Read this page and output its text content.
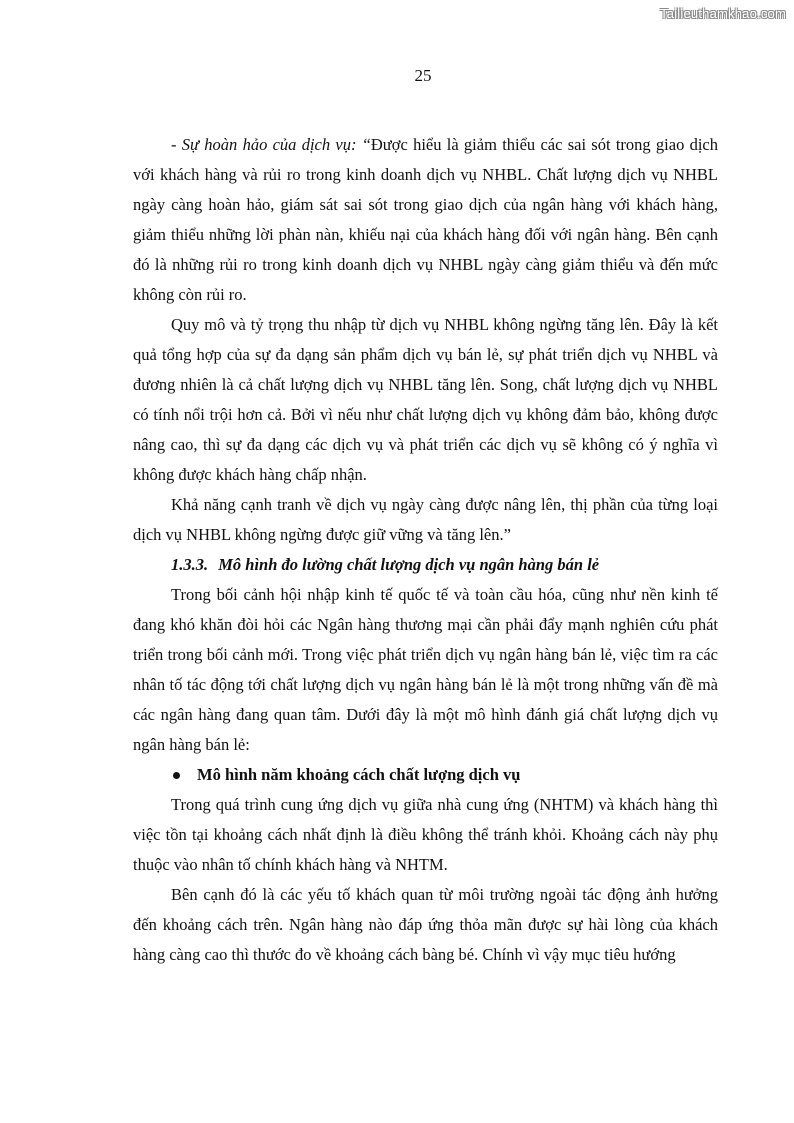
Tailieuthamkhao.com
25

- Sự hoàn hảo của dịch vụ: “Được hiểu là giảm thiểu các sai sót trong giao dịch với khách hàng và rủi ro trong kinh doanh dịch vụ NHBL. Chất lượng dịch vụ NHBL ngày càng hoàn hảo, giám sát sai sót trong giao dịch của ngân hàng với khách hàng, giảm thiểu những lời phàn nàn, khiếu nại của khách hàng đối với ngân hàng. Bên cạnh đó là những rủi ro trong kinh doanh dịch vụ NHBL ngày càng giảm thiểu và đến mức không còn rủi ro.

Quy mô và tỷ trọng thu nhập từ dịch vụ NHBL không ngừng tăng lên. Đây là kết quả tổng hợp của sự đa dạng sản phẩm dịch vụ bán lẻ, sự phát triển dịch vụ NHBL và đương nhiên là cả chất lượng dịch vụ NHBL tăng lên. Song, chất lượng dịch vụ NHBL có tính nổi trội hơn cả. Bởi vì nếu như chất lượng dịch vụ không đảm bảo, không được nâng cao, thì sự đa dạng các dịch vụ và phát triển các dịch vụ sẽ không có ý nghĩa vì không được khách hàng chấp nhận.

Khả năng cạnh tranh về dịch vụ ngày càng được nâng lên, thị phần của từng loại dịch vụ NHBL không ngừng được giữ vững và tăng lên.”

1.3.3. Mô hình đo lường chất lượng dịch vụ ngân hàng bán lẻ

Trong bối cảnh hội nhập kinh tế quốc tế và toàn cầu hóa, cũng như nền kinh tế đang khó khăn đòi hỏi các Ngân hàng thương mại cần phải đẩy mạnh nghiên cứu phát triển trong bối cảnh mới. Trong việc phát triển dịch vụ ngân hàng bán lẻ, việc tìm ra các nhân tố tác động tới chất lượng dịch vụ ngân hàng bán lẻ là một trong những vấn đề mà các ngân hàng đang quan tâm. Dưới đây là một mô hình đánh giá chất lượng dịch vụ ngân hàng bán lẻ:

Mô hình năm khoảng cách chất lượng dịch vụ

Trong quá trình cung ứng dịch vụ giữa nhà cung ứng (NHTM) và khách hàng thì việc tồn tại khoảng cách nhất định là điều không thể tránh khỏi. Khoảng cách này phụ thuộc vào nhân tố chính khách hàng và NHTM.

Bên cạnh đó là các yếu tố khách quan từ môi trường ngoài tác động ảnh hưởng đến khoảng cách trên. Ngân hàng nào đáp ứng thỏa mãn được sự hài lòng của khách hàng càng cao thì thước đo về khoảng cách bàng bé. Chính vì vậy mục tiêu hướng
